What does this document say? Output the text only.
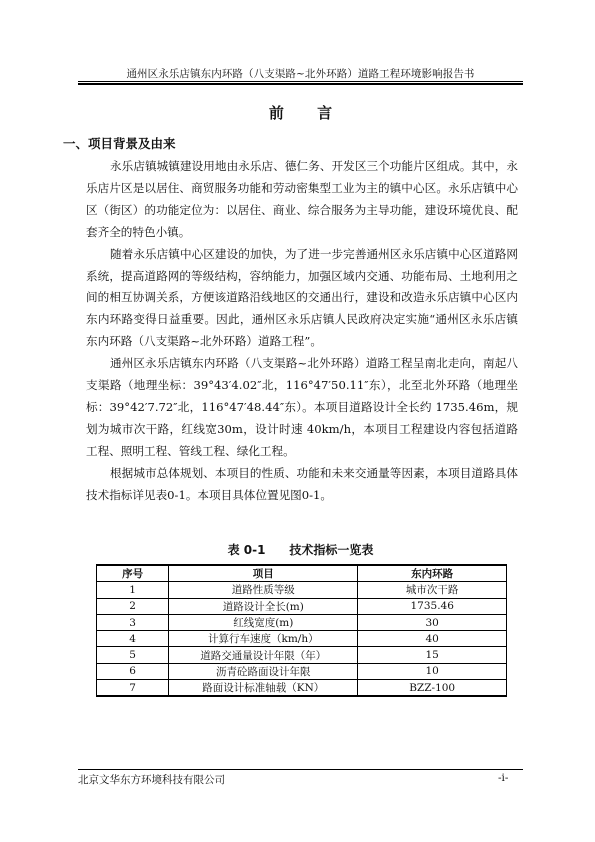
通州区永乐店镇东内环路（八支渠路~北外环路）道路工程环境影响报告书
前 言
一、项目背景及由来

永乐店镇城镇建设用地由永乐店、德仁务、开发区三个功能片区组成。其中，永乐店片区是以居住、商贸服务功能和劳动密集型工业为主的镇中心区。永乐店镇中心区（街区）的功能定位为：以居住、商业、综合服务为主导功能，建设环境优良、配套齐全的特色小镇。

随着永乐店镇中心区建设的加快，为了进一步完善通州区永乐店镇中心区道路网系统，提高道路网的等级结构，容纳能力，加强区域内交通、功能布局、土地利用之间的相互协调关系，方便该道路沿线地区的交通出行，建设和改造永乐店镇中心区内东内环路变得日益重要。因此，通州区永乐店镇人民政府决定实施“通州区永乐店镇东内环路（八支渠路~北外环路）道路工程”。

通州区永乐店镇东内环路（八支渠路~北外环路）道路工程呈南北走向，南起八支渠路（地理坐标：39°43′4.02″北，116°47′50.11″东），北至北外环路（地理坐标：39°42′7.72″北，116°47′48.44″东）。本项目道路设计全长约 1735.46m，规划为城市次干路，红线宽30m，设计时速 40km/h，本项目工程建设内容包括道路工程、照明工程、管线工程、绿化工程。

根据城市总体规划、本项目的性质、功能和未来交通量等因素，本项目道路具体技术指标详见表0-1。本项目具体位置见图0-1。

表 0-1　　技术指标一览表
序号	项目	东内环路
1	道路性质等级	城市次干路
2	道路设计全长(m)	1735.46
3	红线宽度(m)	30
4	计算行车速度（km/h）	40
5	道路交通量设计年限（年）	15
6	沥青砼路面设计年限	10
7	路面设计标准轴载（KN）	BZZ-100
北京文华东方环境科技有限公司	-i-
